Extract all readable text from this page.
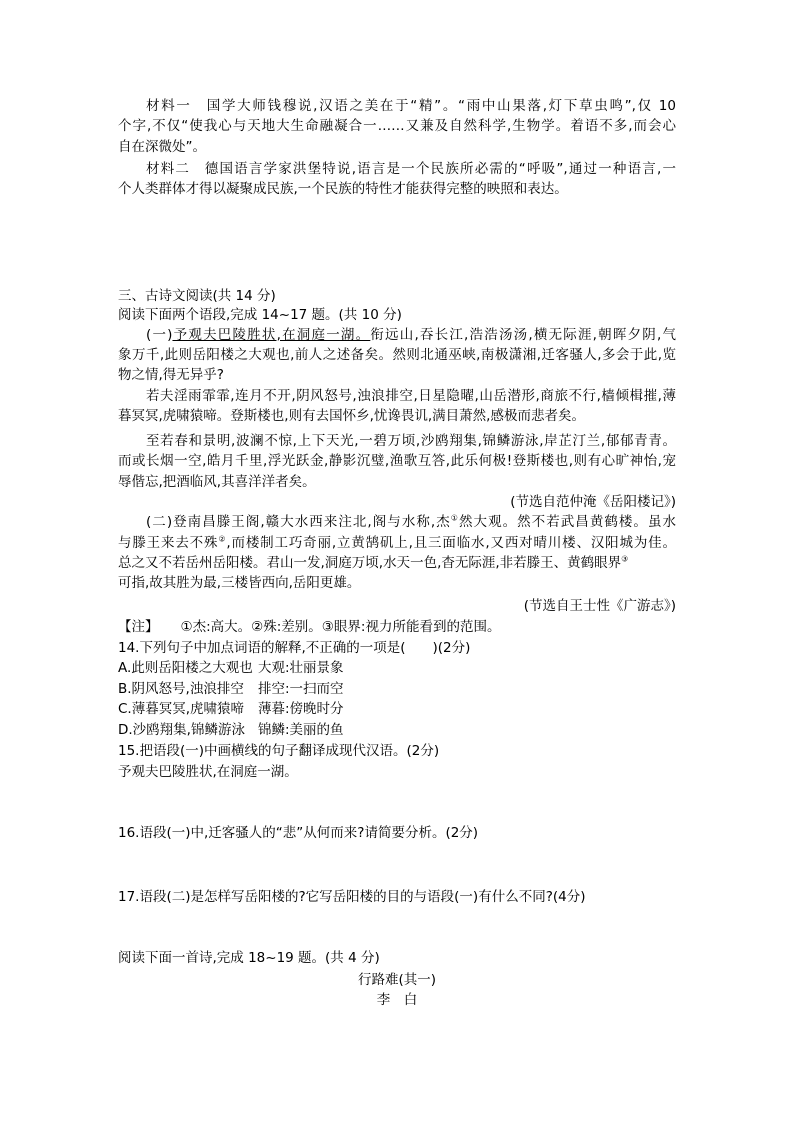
材料一　国学大师钱穆说,汉语之美在于“精”。“雨中山果落,灯下草虫鸣”,仅 10
个字,不仅“使我心与天地大生命融凝合一……又兼及自然科学,生物学。着语不多,而会心
自在深微处”。
材料二　德国语言学家洪堡特说,语言是一个民族所必需的“呼吸”,通过一种语言,一
个人类群体才得以凝聚成民族,一个民族的特性才能获得完整的映照和表达。
三、古诗文阅读(共 14 分)
阅读下面两个语段,完成 14~17 题。(共 10 分)
(一)予观夫巴陵胜状,在洞庭一湖。衔远山,吞长江,浩浩汤汤,横无际涯,朝晖夕阴,气
象万千,此则岳阳楼之大观也,前人之述备矣。然则北通巫峡,南极潇湘,迁客骚人,多会于此,览
物之情,得无异乎?
若夫淫雨霏霏,连月不开,阴风怒号,浊浪排空,日星隐曜,山岳潜形,商旅不行,樯倾楫摧,薄
暮冥冥,虎啸猿啼。登斯楼也,则有去国怀乡,忧谗畏讥,满目萧然,感极而悲者矣。
至若春和景明,波澜不惊,上下天光,一碧万顷,沙鸥翔集,锦鳞游泳,岸芷汀兰,郁郁青青。
而或长烟一空,皓月千里,浮光跃金,静影沉璧,渔歌互答,此乐何极!登斯楼也,则有心旷神怡,宠
辱偕忘,把酒临风,其喜洋洋者矣。
(节选自范仲淹《岳阳楼记》)
(二)登南昌滕王阁,赣大水西来注北,阁与水称,杰①然大观。然不若武昌黄鹤楼。虽水
与滕王来去不殊②,而楼制工巧奇丽,立黄鹄矶上,且三面临水,又西对晴川楼、汉阳城为佳。
总之又不若岳州岳阳楼。君山一发,洞庭万顷,水天一色,杳无际涯,非若滕王、黄鹤眼界③
可指,故其胜为最,三楼皆西向,岳阳更雄。
(节选自王士性《广游志》)
【注】 ①杰:高大。②殊:差别。③眼界:视力所能看到的范围。
14.下列句子中加点词语的解释,不正确的一项是(　　)(2分)
A.此则岳阳楼之大观也 大观:壮丽景象
B.阴风怒号,浊浪排空 排空:一扫而空
C.薄暮冥冥,虎啸猿啼 薄暮:傍晚时分
D.沙鸥翔集,锦鳞游泳 锦鳞:美丽的鱼
15.把语段(一)中画横线的句子翻译成现代汉语。(2分)
予观夫巴陵胜状,在洞庭一湖。
16.语段(一)中,迁客骚人的“悲”从何而来?请简要分析。(2分)
17.语段(二)是怎样写岳阳楼的?它写岳阳楼的目的与语段(一)有什么不同?(4分)
阅读下面一首诗,完成 18~19 题。(共 4 分)
行路难(其一)
李　白
